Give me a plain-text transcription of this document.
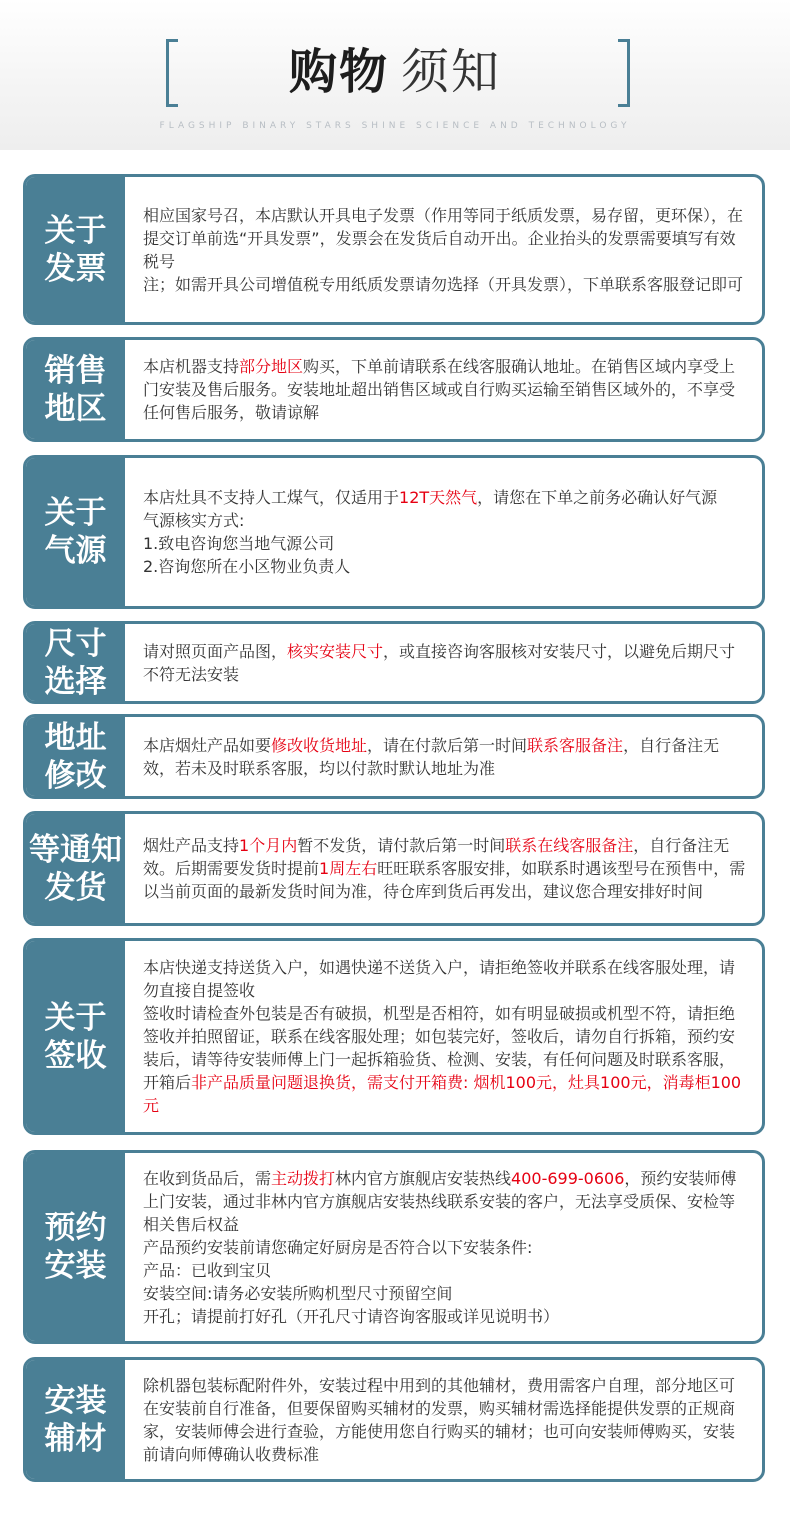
购物 须知
FLAGSHIP BINARY STARS SHINE SCIENCE AND TECHNOLOGY
关于
发票

相应国家号召，本店默认开具电子发票（作用等同于纸质发票，易存留，更环保），在提交订单前选“开具发票”，发票会在发货后自动开出。企业抬头的发票需要填写有效税号

注；如需开具公司增值税专用纸质发票请勿选择（开具发票），下单联系客服登记即可

销售
地区

本店机器支持部分地区购买，下单前请联系在线客服确认地址。在销售区域内享受上门安装及售后服务。安装地址超出销售区域或自行购买运输至销售区域外的，不享受任何售后服务，敬请谅解

关于
气源

本店灶具不支持人工煤气，仅适用于12T天然气，请您在下单之前务必确认好气源

气源核实方式:

1.致电咨询您当地气源公司

2.咨询您所在小区物业负责人

尺寸
选择

请对照页面产品图，核实安装尺寸，或直接咨询客服核对安装尺寸，以避免后期尺寸不符无法安装

地址
修改

本店烟灶产品如要修改收货地址，请在付款后第一时间联系客服备注，自行备注无效，若未及时联系客服，均以付款时默认地址为准

等通知
发货

烟灶产品支持1个月内暂不发货，请付款后第一时间联系在线客服备注，自行备注无效。后期需要发货时提前1周左右旺旺联系客服安排，如联系时遇该型号在预售中，需以当前页面的最新发货时间为准，待仓库到货后再发出，建议您合理安排好时间

关于
签收

本店快递支持送货入户，如遇快递不送货入户，请拒绝签收并联系在线客服处理，请勿直接自提签收

签收时请检查外包装是否有破损，机型是否相符，如有明显破损或机型不符，请拒绝签收并拍照留证，联系在线客服处理；如包装完好，签收后，请勿自行拆箱，预约安装后，请等待安装师傅上门一起拆箱验货、检测、安装，有任何问题及时联系客服，开箱后非产品质量问题退换货，需支付开箱费: 烟机100元，灶具100元，消毒柜100元

预约
安装

在收到货品后，需主动拨打林内官方旗舰店安装热线400-699-0606，预约安装师傅上门安装，通过非林内官方旗舰店安装热线联系安装的客户，无法享受质保、安检等相关售后权益

产品预约安装前请您确定好厨房是否符合以下安装条件:

产品：已收到宝贝

安装空间:请务必安装所购机型尺寸预留空间

开孔；请提前打好孔（开孔尺寸请咨询客服或详见说明书）

安装
辅材

除机器包装标配附件外，安装过程中用到的其他辅材，费用需客户自理，部分地区可在安装前自行准备，但要保留购买辅材的发票，购买辅材需选择能提供发票的正规商家，安装师傅会进行查验，方能使用您自行购买的辅材；也可向安装师傅购买，安装前请向师傅确认收费标准
